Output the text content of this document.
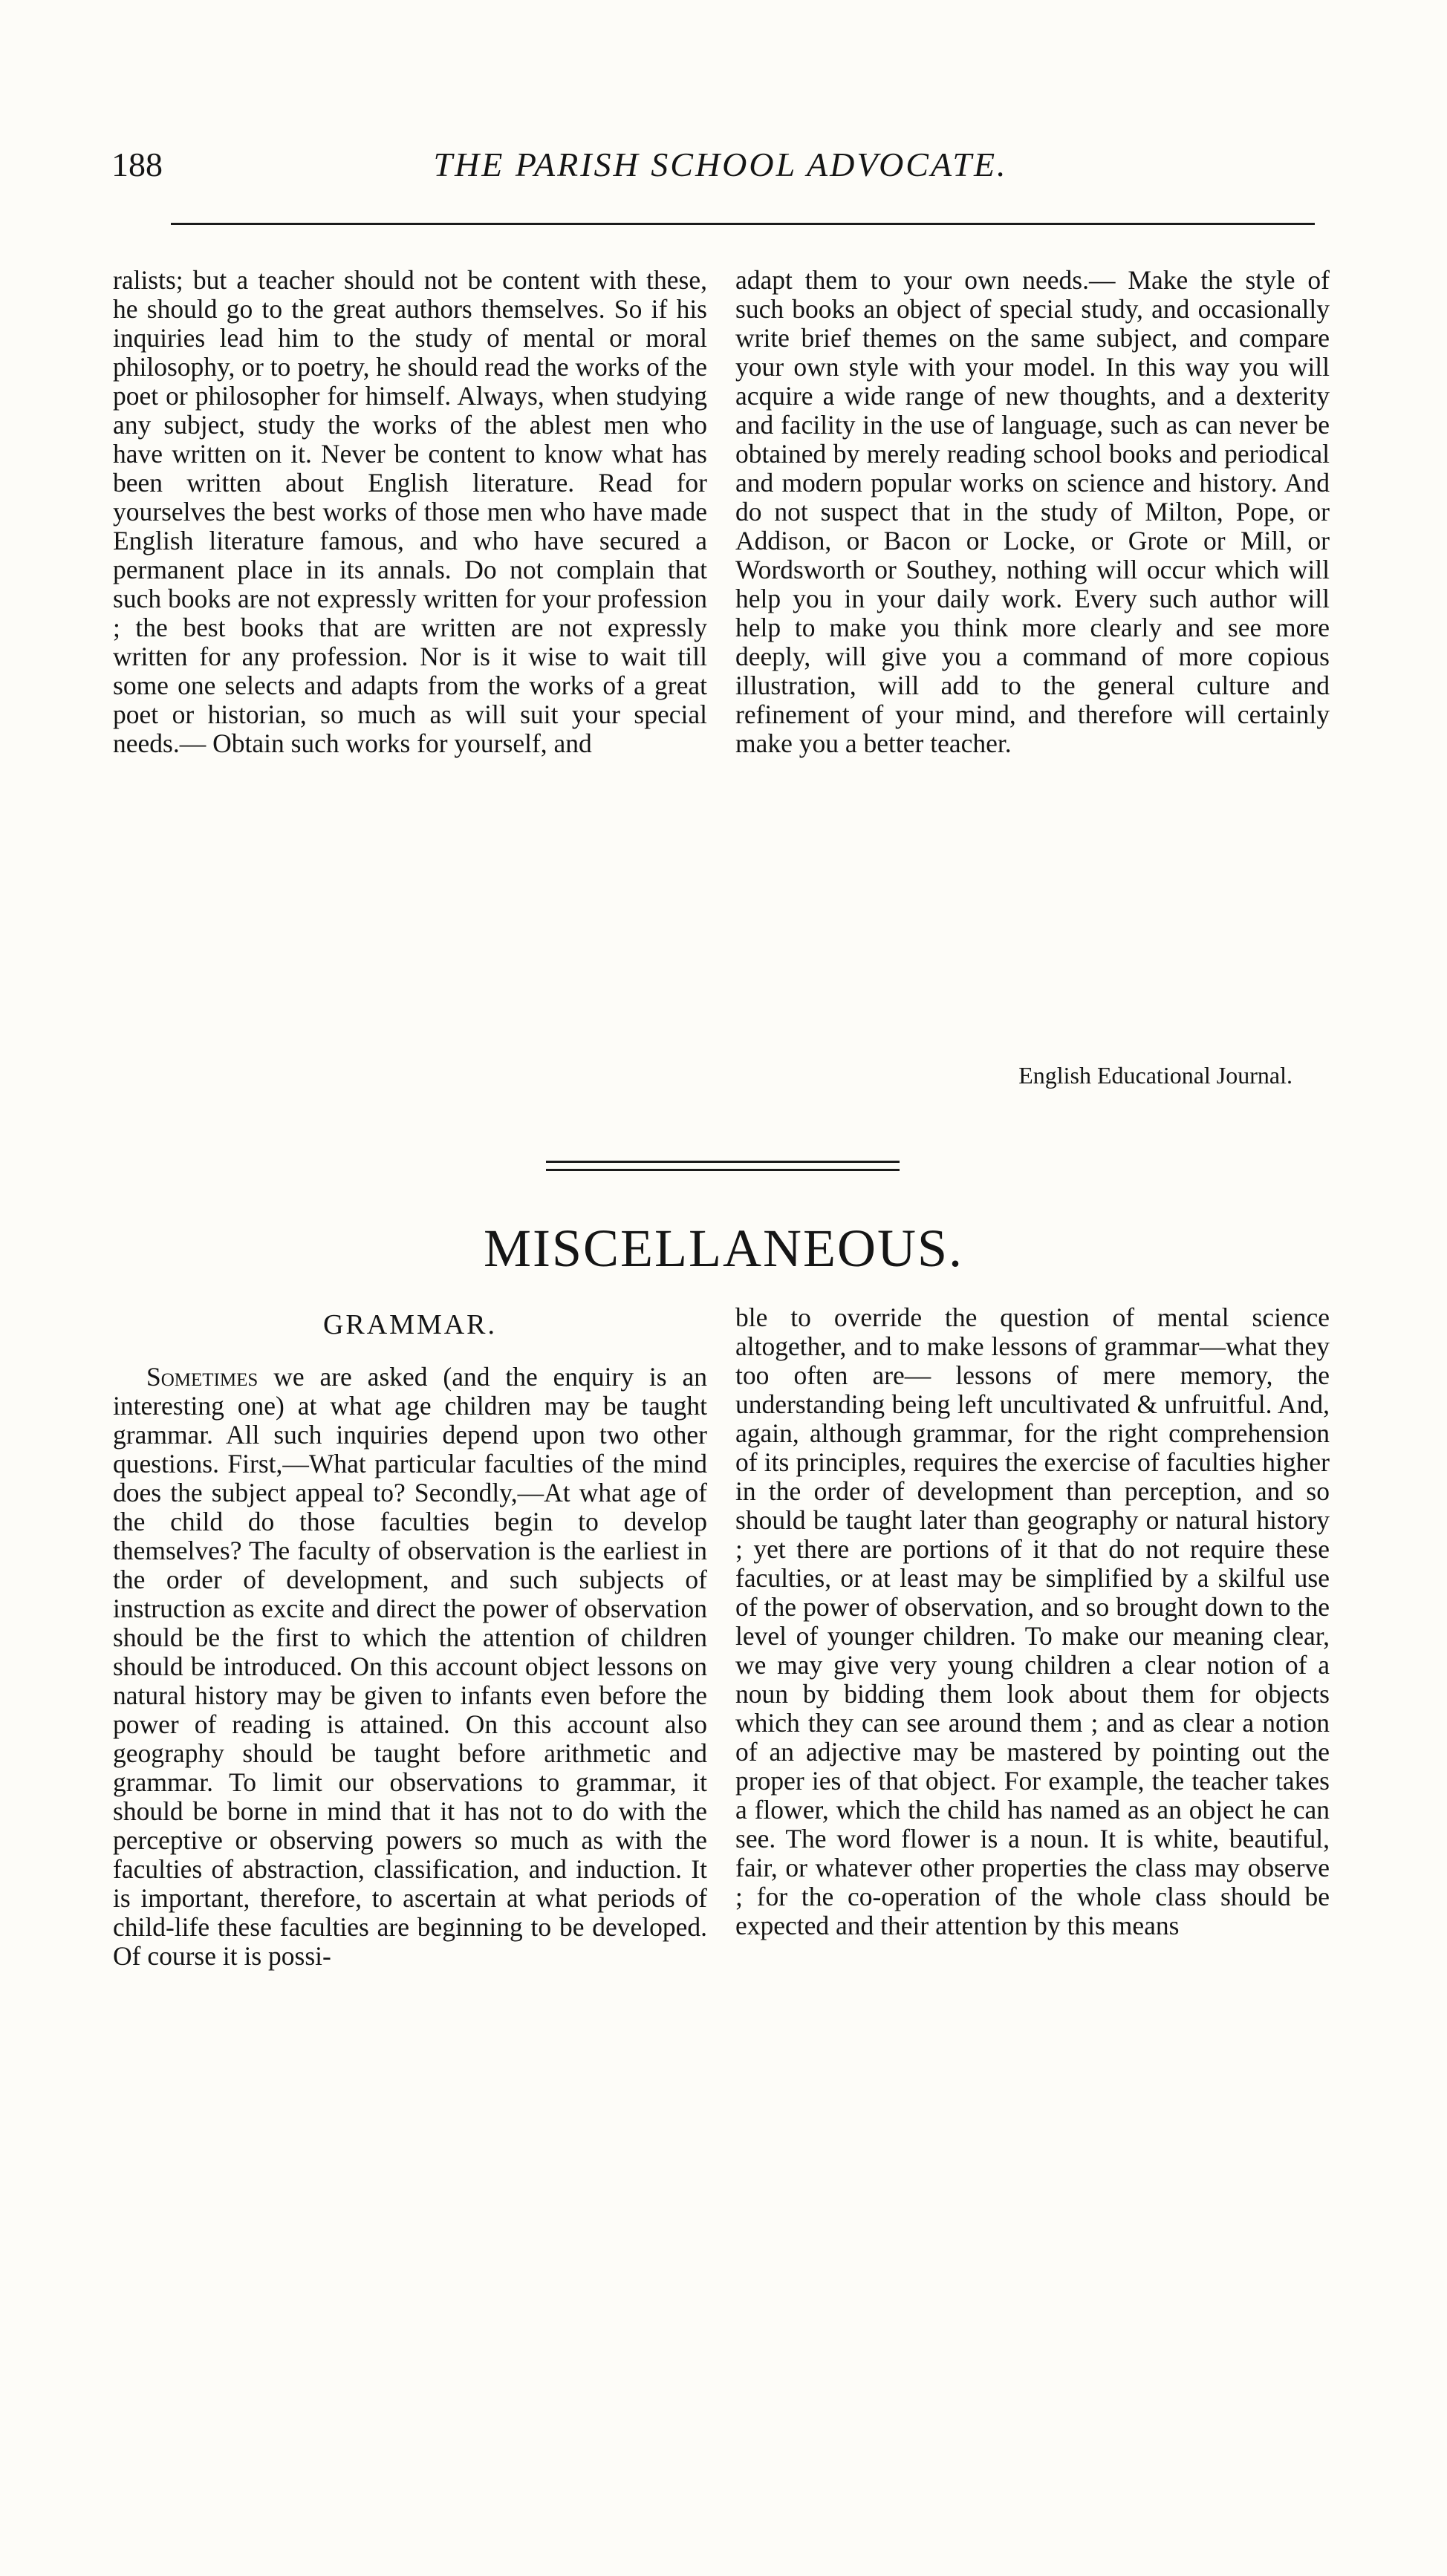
188	THE PARISH SCHOOL ADVOCATE.

ralists; but a teacher should not be content with these, he should go to the great authors themselves. So if his inquiries lead him to the study of mental or moral philosophy, or to poetry, he should read the works of the poet or philosopher for himself. Always, when studying any subject, study the works of the ablest men who have written on it. Never be content to know what has been written about English literature. Read for yourselves the best works of those men who have made English literature famous, and who have secured a permanent place in its annals. Do not complain that such books are not expressly written for your profession ; the best books that are written are not expressly written for any profession. Nor is it wise to wait till some one selects and adapts from the works of a great poet or historian, so much as will suit your special needs.— Obtain such works for yourself, and

adapt them to your own needs.— Make the style of such books an object of special study, and occasionally write brief themes on the same subject, and compare your own style with your model. In this way you will acquire a wide range of new thoughts, and a dexterity and facility in the use of language, such as can never be obtained by merely reading school books and periodical and modern popular works on science and history. And do not suspect that in the study of Milton, Pope, or Addison, or Bacon or Locke, or Grote or Mill, or Wordsworth or Southey, nothing will occur which will help you in your daily work. Every such author will help to make you think more clearly and see more deeply, will give you a command of more copious illustration, will add to the general culture and refinement of your mind, and therefore will certainly make you a better teacher.

English Educational Journal.
MISCELLANEOUS.
GRAMMAR.

Sometimes we are asked (and the enquiry is an interesting one) at what age children may be taught grammar. All such inquiries depend upon two other questions. First,—What particular faculties of the mind does the subject appeal to? Secondly,—At what age of the child do those faculties begin to develop themselves? The faculty of observation is the earliest in the order of development, and such subjects of instruction as excite and direct the power of observation should be the first to which the attention of children should be introduced. On this account object lessons on natural history may be given to infants even before the power of reading is attained. On this account also geography should be taught before arithmetic and grammar. To limit our observations to grammar, it should be borne in mind that it has not to do with the perceptive or observing powers so much as with the faculties of abstraction, classification, and induction. It is important, therefore, to ascertain at what periods of child-life these faculties are beginning to be developed. Of course it is possi-

ble to override the question of mental science altogether, and to make lessons of grammar—what they too often are— lessons of mere memory, the understanding being left uncultivated & unfruitful. And, again, although grammar, for the right comprehension of its principles, requires the exercise of faculties higher in the order of development than perception, and so should be taught later than geography or natural history ; yet there are portions of it that do not require these faculties, or at least may be simplified by a skilful use of the power of observation, and so brought down to the level of younger children. To make our meaning clear, we may give very young children a clear notion of a noun by bidding them look about them for objects which they can see around them ; and as clear a notion of an adjective may be mastered by pointing out the proper ies of that object. For example, the teacher takes a flower, which the child has named as an object he can see. The word flower is a noun. It is white, beautiful, fair, or whatever other properties the class may observe ; for the co-operation of the whole class should be expected and their attention by this means
